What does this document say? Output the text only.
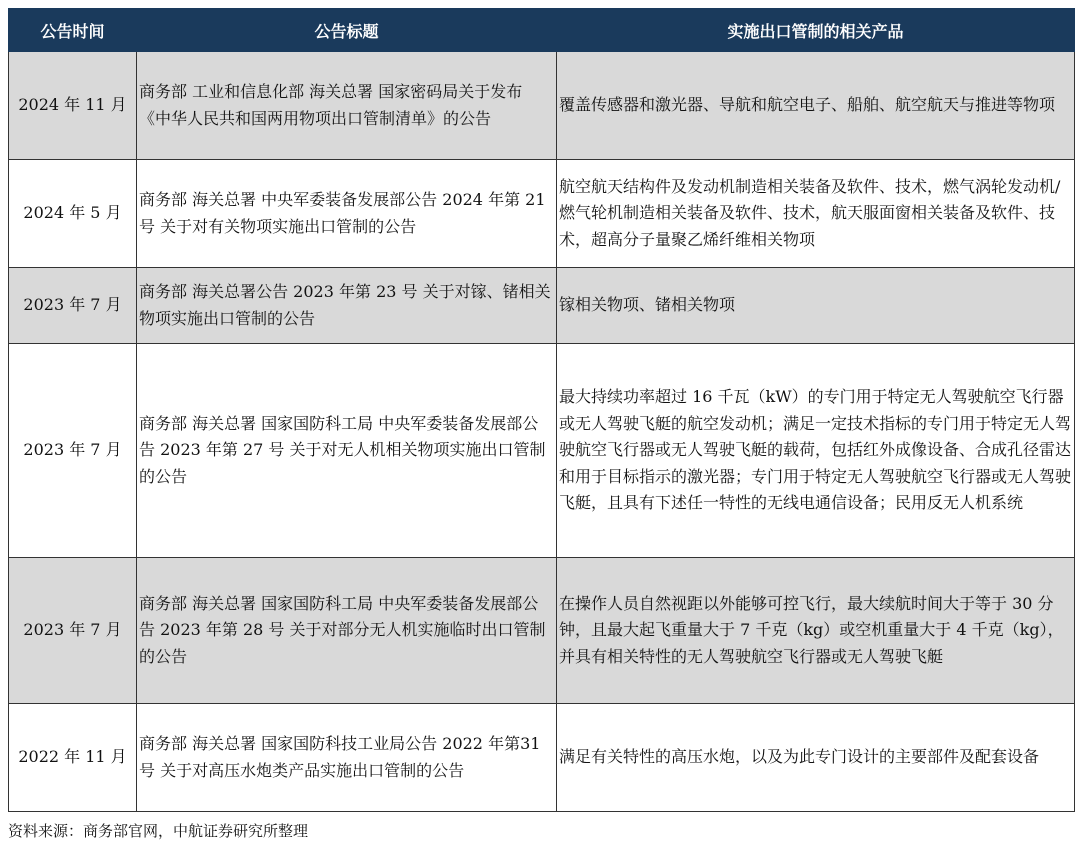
公告时间	公告标题	实施出口管制的相关产品
2024 年 11 月	商务部 工业和信息化部 海关总署 国家密码局关于发布《中华人民共和国两用物项出口管制清单》的公告	覆盖传感器和激光器、导航和航空电子、船舶、航空航天与推进等物项
2024 年 5 月	商务部 海关总署 中央军委装备发展部公告 2024 年第 21 号 关于对有关物项实施出口管制的公告	航空航天结构件及发动机制造相关装备及软件、技术，燃气涡轮发动机/燃气轮机制造相关装备及软件、技术，航天服面窗相关装备及软件、技术，超高分子量聚乙烯纤维相关物项
2023 年 7 月	商务部 海关总署公告 2023 年第 23 号 关于对镓、锗相关物项实施出口管制的公告	镓相关物项、锗相关物项
2023 年 7 月	商务部 海关总署 国家国防科工局 中央军委装备发展部公告 2023 年第 27 号 关于对无人机相关物项实施出口管制的公告	最大持续功率超过 16 千瓦（kW）的专门用于特定无人驾驶航空飞行器或无人驾驶飞艇的航空发动机；满足一定技术指标的专门用于特定无人驾驶航空飞行器或无人驾驶飞艇的载荷，包括红外成像设备、合成孔径雷达和用于目标指示的激光器；专门用于特定无人驾驶航空飞行器或无人驾驶飞艇，且具有下述任一特性的无线电通信设备；民用反无人机系统
2023 年 7 月	商务部 海关总署 国家国防科工局 中央军委装备发展部公告 2023 年第 28 号 关于对部分无人机实施临时出口管制的公告	在操作人员自然视距以外能够可控飞行，最大续航时间大于等于 30 分钟，且最大起飞重量大于 7 千克（kg）或空机重量大于 4 千克（kg），并具有相关特性的无人驾驶航空飞行器或无人驾驶飞艇
2022 年 11 月	商务部 海关总署 国家国防科技工业局公告 2022 年第31号 关于对高压水炮类产品实施出口管制的公告	满足有关特性的高压水炮，以及为此专门设计的主要部件及配套设备
资料来源：商务部官网，中航证券研究所整理
